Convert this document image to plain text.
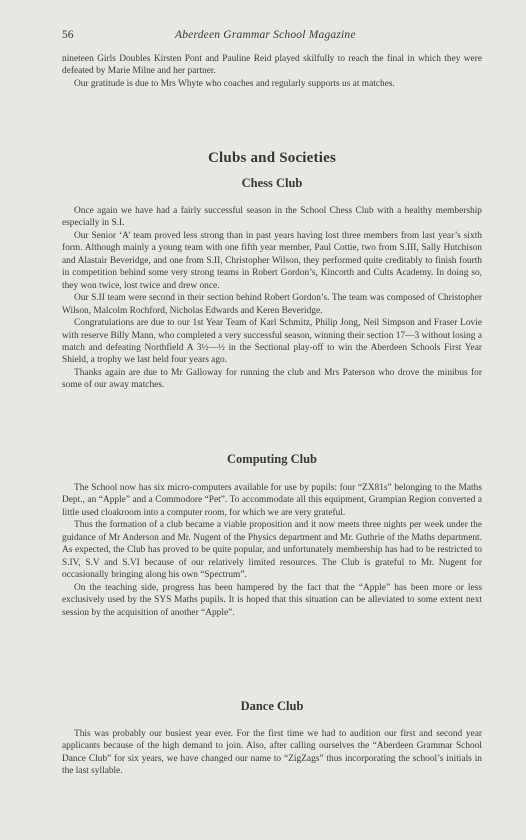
56	Aberdeen Grammar School Magazine

nineteen Girls Doubles Kirsten Pont and Pauline Reid played skilfully to reach the final in which they were defeated by Marie Milne and her partner.

Our gratitude is due to Mrs Whyte who coaches and regularly supports us at matches.

Clubs and Societies
Chess Club

Once again we have had a fairly successful season in the School Chess Club with a healthy membership especially in S.I.

Our Senior ‘A’ team proved less strong than in past years having lost three members from last year’s sixth form. Although mainly a young team with one fifth year member, Paul Cottie, two from S.III, Sally Hutchison and Alastair Beveridge, and one from S.II, Christopher Wilson, they performed quite creditably to finish fourth in competition behind some very strong teams in Robert Gordon’s, Kincorth and Cults Academy. In doing so, they won twice, lost twice and drew once.

Our S.II team were second in their section behind Robert Gordon’s. The team was composed of Christopher Wilson, Malcolm Rochford, Nicholas Edwards and Keren Beveridge.

Congratulations are due to our 1st Year Team of Karl Schmitz, Philip Jong, Neil Simpson and Fraser Lovie with reserve Billy Mann, who completed a very successful season, winning their section 17—3 without losing a match and defeating Northfield A 3½—½ in the Sectional play-off to win the Aberdeen Schools First Year Shield, a trophy we last held four years ago.

Thanks again are due to Mr Galloway for running the club and Mrs Paterson who drove the minibus for some of our away matches.

Computing Club

The School now has six micro-computers available for use by pupils: four “ZX81s” belonging to the Maths Dept., an “Apple” and a Commodore “Pet”. To accommodate all this equipment, Grampian Region converted a little used cloakroom into a computer room, for which we are very grateful.

Thus the formation of a club became a viable proposition and it now meets three nights per week under the guidance of Mr Anderson and Mr. Nugent of the Physics department and Mr. Guthrie of the Maths department. As expected, the Club has proved to be quite popular, and unfortunately membership has had to be restricted to S.IV, S.V and S.VI because of our relatively limited resources. The Club is grateful to Mr. Nugent for occasionally bringing along his own “Spectrum”.

On the teaching side, progress has been hampered by the fact that the “Apple” has been more or less exclusively used by the SYS Maths pupils. It is hoped that this situation can be alleviated to some extent next session by the acquisition of another “Apple”.

Dance Club

This was probably our busiest year ever. For the first time we had to audition our first and second year applicants because of the high demand to join. Also, after calling ourselves the “Aberdeen Grammar School Dance Club” for six years, we have changed our name to “ZigZags” thus incorporating the school’s initials in the last syllable.
